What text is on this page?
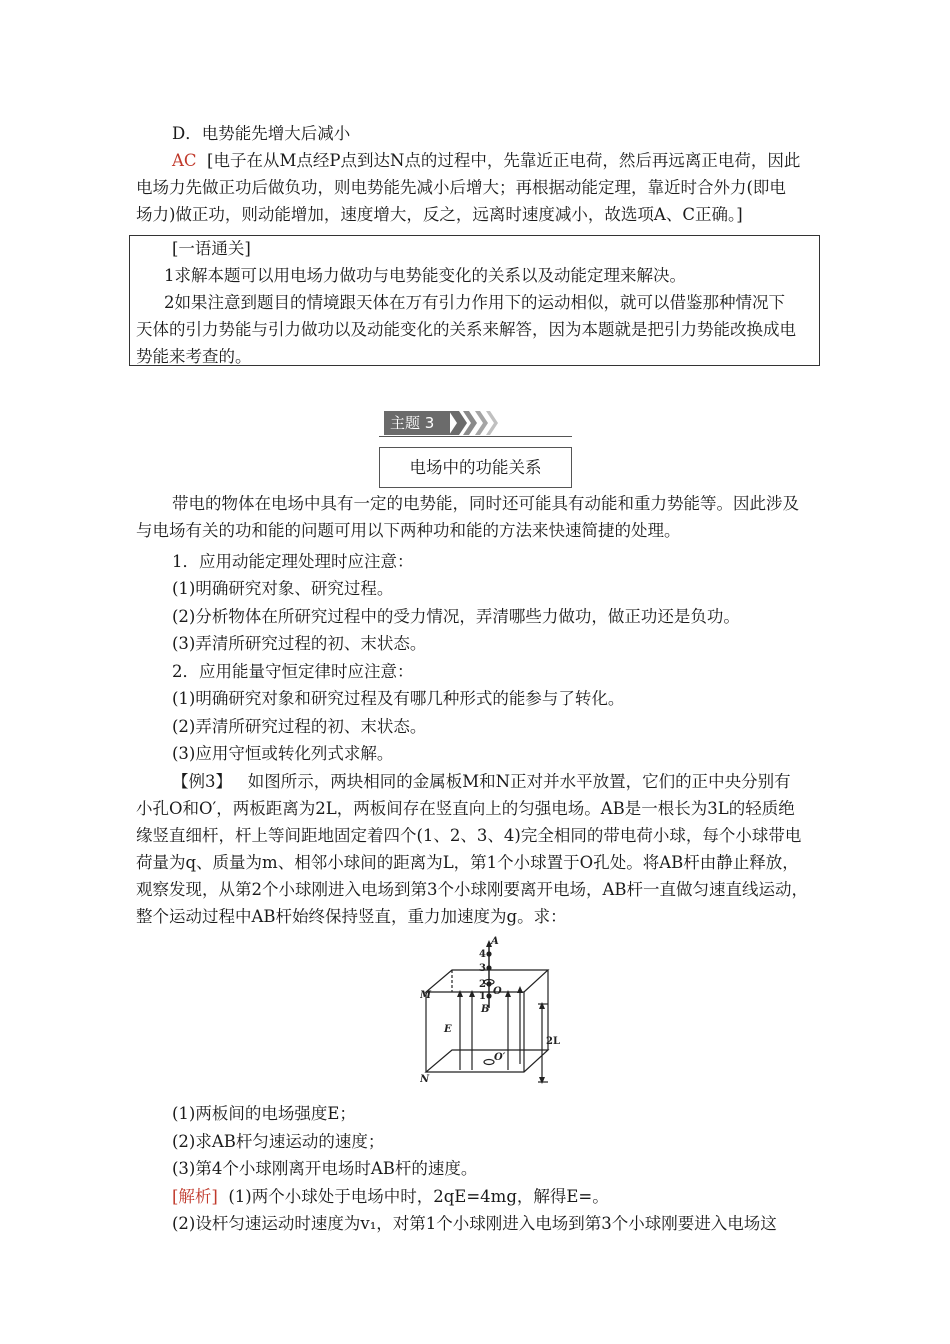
D．电势能先增大后减小
AC [电子在从M点经P点到达N点的过程中，先靠近正电荷，然后再远离正电荷，因此
电场力先做正功后做负功，则电势能先减小后增大；再根据动能定理，靠近时合外力(即电
场力)做正功，则动能增加，速度增大，反之，远离时速度减小，故选项A、C正确。]
[一语通关]
1求解本题可以用电场力做功与电势能变化的关系以及动能定理来解决。
2如果注意到题目的情境跟天体在万有引力作用下的运动相似，就可以借鉴那种情况下
天体的引力势能与引力做功以及动能变化的关系来解答，因为本题就是把引力势能改换成电
势能来考查的。
主题 3
电场中的功能关系
带电的物体在电场中具有一定的电势能，同时还可能具有动能和重力势能等。因此涉及
与电场有关的功和能的问题可用以下两种功和能的方法来快速简捷的处理。
1．应用动能定理处理时应注意：
(1)明确研究对象、研究过程。
(2)分析物体在所研究过程中的受力情况，弄清哪些力做功，做正功还是负功。
(3)弄清所研究过程的初、末状态。
2．应用能量守恒定律时应注意：
(1)明确研究对象和研究过程及有哪几种形式的能参与了转化。
(2)弄清所研究过程的初、末状态。
(3)应用守恒或转化列式求解。
【例3】 如图所示，两块相同的金属板M和N正对并水平放置，它们的正中央分别有
小孔O和O′，两板距离为2L，两板间存在竖直向上的匀强电场。AB是一根长为3L的轻质绝
缘竖直细杆，杆上等间距地固定着四个(1、2、3、4)完全相同的带电荷小球，每个小球带电
荷量为q、质量为m、相邻小球间的距离为L，第1个小球置于O孔处。将AB杆由静止释放，
观察发现，从第2个小球刚进入电场到第3个小球刚要离开电场，AB杆一直做匀速直线运动，
整个运动过程中AB杆始终保持竖直，重力加速度为g。求：
A
4
3
2
1 O
B
M
E
2L
O′
N
(1)两板间的电场强度E；
(2)求AB杆匀速运动的速度；
(3)第4个小球刚离开电场时AB杆的速度。
[解析] (1)两个小球处于电场中时，2qE=4mg，解得E=。
(2)设杆匀速运动时速度为v₁，对第1个小球刚进入电场到第3个小球刚要进入电场这
